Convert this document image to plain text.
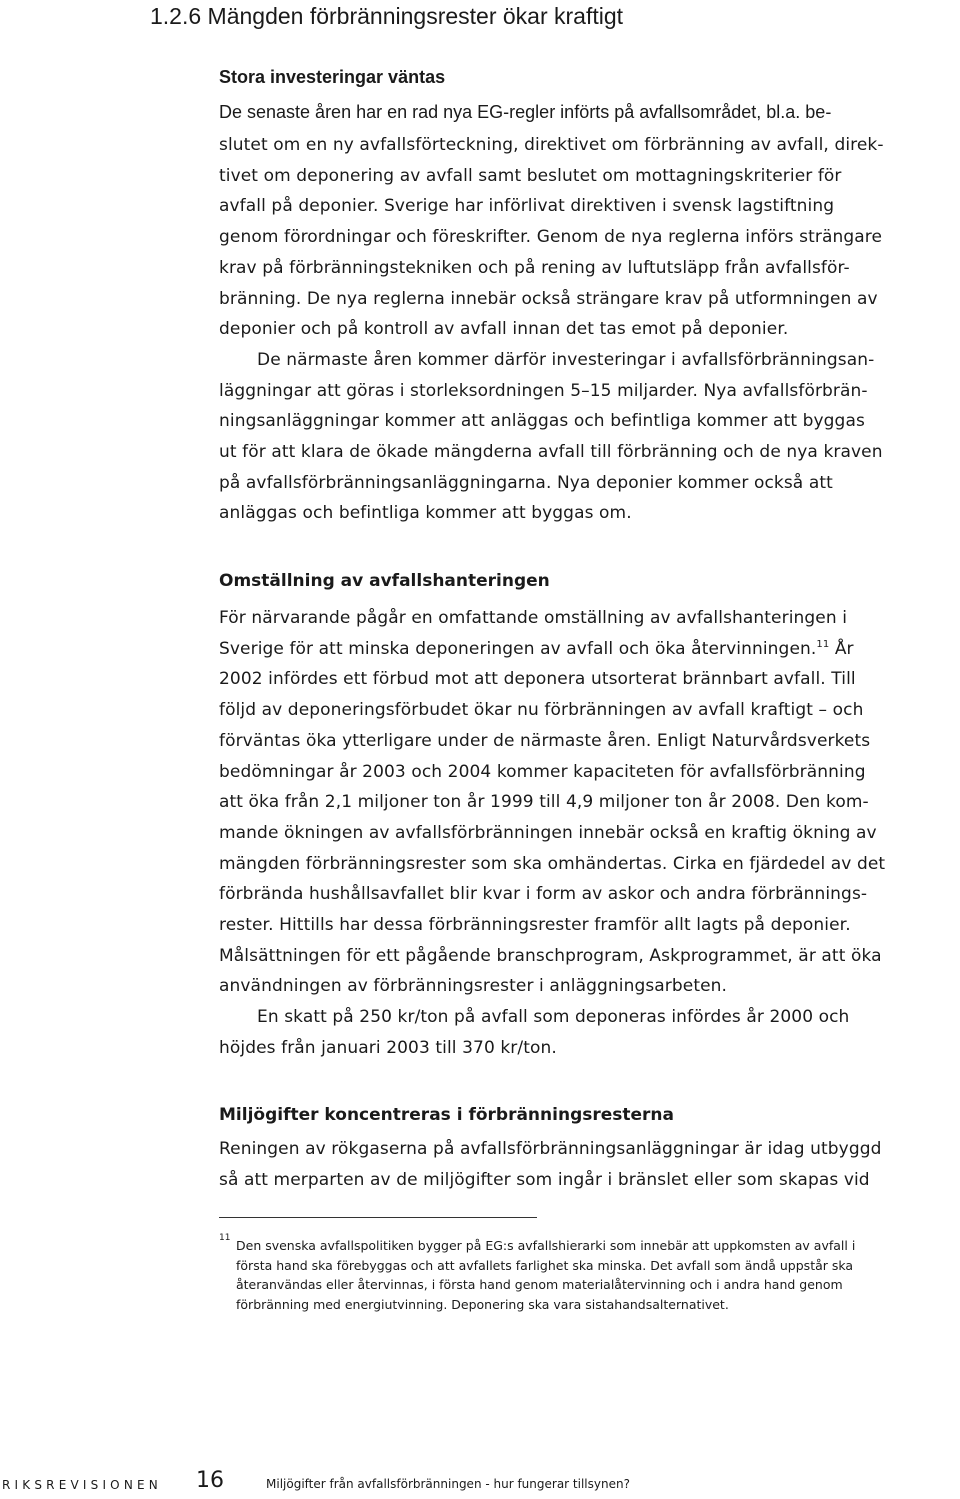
1.2.6 Mängden förbränningsrester ökar kraftigt
Stora investeringar väntas

De senaste åren har en rad nya EG-regler införts på avfallsområdet, bl.a. be-

slutet om en ny avfallsförteckning, direktivet om förbränning av avfall, direk-
tivet om deponering av avfall samt beslutet om mottagningskriterier för
avfall på deponier. Sverige har införlivat direktiven i svensk lagstiftning
genom förordningar och föreskrifter. Genom de nya reglerna införs strängare
krav på förbränningstekniken och på rening av luftutsläpp från avfallsför-
bränning. De nya reglerna innebär också strängare krav på utformningen av
deponier och på kontroll av avfall innan det tas emot på deponier.
De närmaste åren kommer därför investeringar i avfallsförbränningsan-
läggningar att göras i storleksordningen 5–15 miljarder. Nya avfallsförbrän-
ningsanläggningar kommer att anläggas och befintliga kommer att byggas
ut för att klara de ökade mängderna avfall till förbränning och de nya kraven
på avfallsförbränningsanläggningarna. Nya deponier kommer också att
anläggas och befintliga kommer att byggas om.
Omställning av avfallshanteringen
För närvarande pågår en omfattande omställning av avfallshanteringen i
Sverige för att minska deponeringen av avfall och öka återvinningen.$^{11}$ År
2002 infördes ett förbud mot att deponera utsorterat brännbart avfall. Till
följd av deponeringsförbudet ökar nu förbränningen av avfall kraftigt – och
förväntas öka ytterligare under de närmaste åren. Enligt Naturvårdsverkets
bedömningar år 2003 och 2004 kommer kapaciteten för avfallsförbränning
att öka från 2,1 miljoner ton år 1999 till 4,9 miljoner ton år 2008. Den kom-
mande ökningen av avfallsförbränningen innebär också en kraftig ökning av
mängden förbränningsrester som ska omhändertas. Cirka en fjärdedel av det
förbrända hushållsavfallet blir kvar i form av askor och andra förbrännings-
rester. Hittills har dessa förbränningsrester framför allt lagts på deponier.
Målsättningen för ett pågående branschprogram, Askprogrammet, är att öka
användningen av förbränningsrester i anläggningsarbeten.
En skatt på 250 kr/ton på avfall som deponeras infördes år 2000 och
höjdes från januari 2003 till 370 kr/ton.
Miljögifter koncentreras i förbränningsresterna
Reningen av rökgaserna på avfallsförbränningsanläggningar är idag utbyggd
så att merparten av de miljögifter som ingår i bränslet eller som skapas vid
11 Den svenska avfallspolitiken bygger på EG:s avfallshierarki som innebär att uppkomsten av avfall i
första hand ska förebyggas och att avfallets farlighet ska minska. Det avfall som ändå uppstår ska
återanvändas eller återvinnas, i första hand genom materialåtervinning och i andra hand genom
förbränning med energiutvinning. Deponering ska vara sistahandsalternativet.

RIKSREVISIONEN 16	Miljögifter från avfallsförbränningen - hur fungerar tillsynen?
